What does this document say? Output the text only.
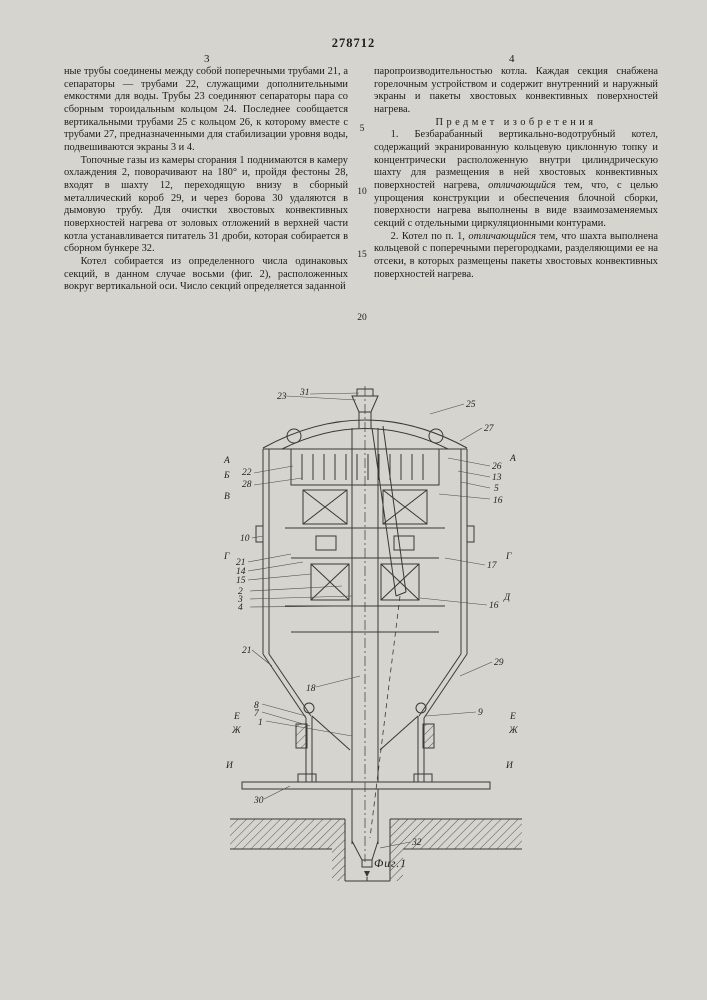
278712
3	4

ные трубы соединены между собой поперечными трубами 21, а сепараторы — трубами 22, служащими дополнительными емкостями для воды. Трубы 23 соединяют сепараторы пара со сборным тороидальным кольцом 24. Последнее сообщается вертикальными трубами 25 с кольцом 26, к которому вместе с трубами 27, предназначенными для стабилизации уровня воды, подвешиваются экраны 3 и 4.

Топочные газы из камеры сгорания 1 поднимаются в камеру охлаждения 2, поворачивают на 180° и, пройдя фестоны 28, входят в шахту 12, переходящую внизу в сборный металлический короб 29, и через борова 30 удаляются в дымовую трубу. Для очистки хвостовых конвективных поверхностей нагрева от золовых отложений в верхней части котла устанавливается питатель 31 дроби, которая собирается в сборном бункере 32.

Котел собирается из определенного числа одинаковых секций, в данном случае восьми (фиг. 2), расположенных вокруг вертикальной оси. Число секций определяется заданной

паропроизводительностью котла. Каждая секция снабжена горелочным устройством и содержит внутренний и наружный экраны и пакеты хвостовых конвективных поверхностей нагрева.

Предмет изобретения

1. Безбарабанный вертикально-водотрубный котел, содержащий экранированную кольцевую циклонную топку и концентрически расположенную внутри цилиндрическую шахту для размещения в ней хвостовых конвективных поверхностей нагрева, отличающийся тем, что, с целью упрощения конструкции и обеспечения блочной сборки, поверхности нагрева выполнены в виде взаимозаменяемых секций с отдельными циркуляционными контурами.

2. Котел по п. 1, отличающийся тем, что шахта выполнена кольцевой с поперечными перегородками, разделяющими ее на отсеки, в которых размещены пакеты хвостовых конвективных поверхностей нагрева.

5
10
15
20
23 31
25
27
А
Б 22
28
В
А
26
13
5
16
10
Г
21
14
15
2
3
4
Г
17
Д
16
21
29
18
8
7
1
Е
Ж
И
9	Е
Ж
И
30
32
Фиг.1
